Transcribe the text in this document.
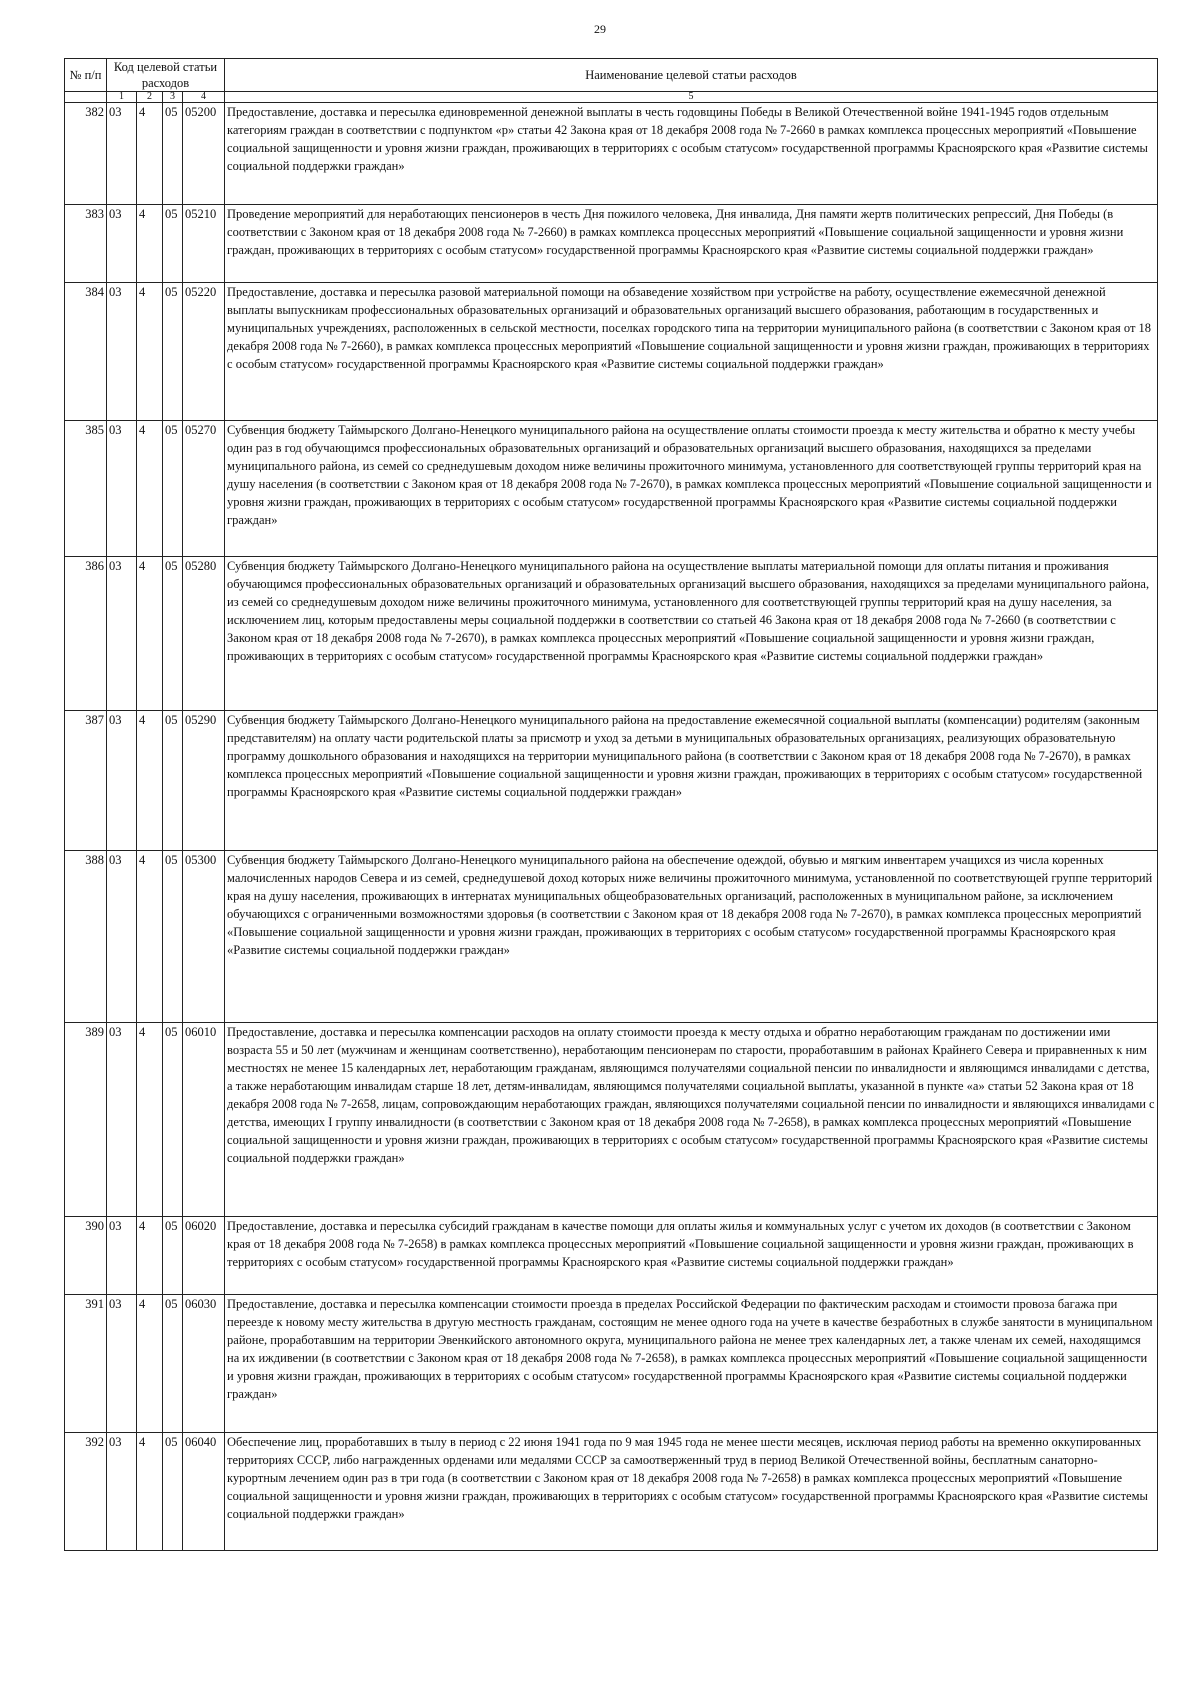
29
№ п/п	Код целевой статьи расходов				Наименование целевой статьи расходов

	1	2	3	4	5
382	03	4	05	05200	Предоставление, доставка и пересылка единовременной денежной выплаты в честь годовщины Победы в Великой Отечественной войне 1941-1945 годов отдельным категориям граждан в соответствии с подпунктом «р» статьи 42 Закона края от 18 декабря 2008 года № 7-2660 в рамках комплекса процессных мероприятий «Повышение социальной защищенности и уровня жизни граждан, проживающих в территориях с особым статусом» государственной программы Красноярского края «Развитие системы социальной поддержки граждан»
383	03	4	05	05210	Проведение мероприятий для неработающих пенсионеров в честь Дня пожилого человека, Дня инвалида, Дня памяти жертв политических репрессий, Дня Победы (в соответствии с Законом края от 18 декабря 2008 года № 7-2660) в рамках комплекса процессных мероприятий «Повышение социальной защищенности и уровня жизни граждан, проживающих в территориях с особым статусом» государственной программы Красноярского края «Развитие системы социальной поддержки граждан»
384	03	4	05	05220	Предоставление, доставка и пересылка разовой материальной помощи на обзаведение хозяйством при устройстве на работу, осуществление ежемесячной денежной выплаты выпускникам профессиональных образовательных организаций и образовательных организаций высшего образования, работающим в государственных и муниципальных учреждениях, расположенных в сельской местности, поселках городского типа на территории муниципального района (в соответствии с Законом края от 18 декабря 2008 года № 7-2660), в рамках комплекса процессных мероприятий «Повышение социальной защищенности и уровня жизни граждан, проживающих в территориях с особым статусом» государственной программы Красноярского края «Развитие системы социальной поддержки граждан»
385	03	4	05	05270	Субвенция бюджету Таймырского Долгано-Ненецкого муниципального района на осуществление оплаты стоимости проезда к месту жительства и обратно к месту учебы один раз в год обучающимся профессиональных образовательных организаций и образовательных организаций высшего образования, находящихся за пределами муниципального района, из семей со среднедушевым доходом ниже величины прожиточного минимума, установленного для соответствующей группы территорий края на душу населения (в соответствии с Законом края от 18 декабря 2008 года № 7-2670), в рамках комплекса процессных мероприятий «Повышение социальной защищенности и уровня жизни граждан, проживающих в территориях с особым статусом» государственной программы Красноярского края «Развитие системы социальной поддержки граждан»
386	03	4	05	05280	Субвенция бюджету Таймырского Долгано-Ненецкого муниципального района на осуществление выплаты материальной помощи для оплаты питания и проживания обучающимся профессиональных образовательных организаций и образовательных организаций высшего образования, находящихся за пределами муниципального района, из семей со среднедушевым доходом ниже величины прожиточного минимума, установленного для соответствующей группы территорий края на душу населения, за исключением лиц, которым предоставлены меры социальной поддержки в соответствии со статьей 46 Закона края от 18 декабря 2008 года № 7-2660 (в соответствии с Законом края от 18 декабря 2008 года № 7-2670), в рамках комплекса процессных мероприятий «Повышение социальной защищенности и уровня жизни граждан, проживающих в территориях с особым статусом» государственной программы Красноярского края «Развитие системы социальной поддержки граждан»
387	03	4	05	05290	Субвенция бюджету Таймырского Долгано-Ненецкого муниципального района на предоставление ежемесячной социальной выплаты (компенсации) родителям (законным представителям) на оплату части родительской платы за присмотр и уход за детьми в муниципальных образовательных организациях, реализующих образовательную программу дошкольного образования и находящихся на территории муниципального района (в соответствии с Законом края от 18 декабря 2008 года № 7-2670), в рамках комплекса процессных мероприятий «Повышение социальной защищенности и уровня жизни граждан, проживающих в территориях с особым статусом» государственной программы Красноярского края «Развитие системы социальной поддержки граждан»
388	03	4	05	05300	Субвенция бюджету Таймырского Долгано-Ненецкого муниципального района на обеспечение одеждой, обувью и мягким инвентарем учащихся из числа коренных малочисленных народов Севера и из семей, среднедушевой доход которых ниже величины прожиточного минимума, установленной по соответствующей группе территорий края на душу населения, проживающих в интернатах муниципальных общеобразовательных организаций, расположенных в муниципальном районе, за исключением обучающихся с ограниченными возможностями здоровья (в соответствии с Законом края от 18 декабря 2008 года № 7-2670), в рамках комплекса процессных мероприятий «Повышение социальной защищенности и уровня жизни граждан, проживающих в территориях с особым статусом» государственной программы Красноярского края «Развитие системы социальной поддержки граждан»
389	03	4	05	06010	Предоставление, доставка и пересылка компенсации расходов на оплату стоимости проезда к месту отдыха и обратно неработающим гражданам по достижении ими возраста 55 и 50 лет (мужчинам и женщинам соответственно), неработающим пенсионерам по старости, проработавшим в районах Крайнего Севера и приравненных к ним местностях не менее 15 календарных лет, неработающим гражданам, являющимся получателями социальной пенсии по инвалидности и являющимся инвалидами с детства, а также неработающим инвалидам старше 18 лет, детям-инвалидам, являющимся получателями социальной выплаты, указанной в пункте «а» статьи 52 Закона края от 18 декабря 2008 года № 7-2658, лицам, сопровождающим неработающих граждан, являющихся получателями социальной пенсии по инвалидности и являющихся инвалидами с детства, имеющих I группу инвалидности (в соответствии с Законом края от 18 декабря 2008 года № 7-2658), в рамках комплекса процессных мероприятий «Повышение социальной защищенности и уровня жизни граждан, проживающих в территориях с особым статусом» государственной программы Красноярского края «Развитие системы социальной поддержки граждан»
390	03	4	05	06020	Предоставление, доставка и пересылка субсидий гражданам в качестве помощи для оплаты жилья и коммунальных услуг с учетом их доходов (в соответствии с Законом края от 18 декабря 2008 года № 7-2658) в рамках комплекса процессных мероприятий «Повышение социальной защищенности и уровня жизни граждан, проживающих в территориях с особым статусом» государственной программы Красноярского края «Развитие системы социальной поддержки граждан»
391	03	4	05	06030	Предоставление, доставка и пересылка компенсации стоимости проезда в пределах Российской Федерации по фактическим расходам и стоимости провоза багажа при переезде к новому месту жительства в другую местность гражданам, состоящим не менее одного года на учете в качестве безработных в службе занятости в муниципальном районе, проработавшим на территории Эвенкийского автономного округа, муниципального района не менее трех календарных лет, а также членам их семей, находящимся на их иждивении (в соответствии с Законом края от 18 декабря 2008 года № 7-2658), в рамках комплекса процессных мероприятий «Повышение социальной защищенности и уровня жизни граждан, проживающих в территориях с особым статусом» государственной программы Красноярского края «Развитие системы социальной поддержки граждан»
392	03	4	05	06040	Обеспечение лиц, проработавших в тылу в период с 22 июня 1941 года по 9 мая 1945 года не менее шести месяцев, исключая период работы на временно оккупированных территориях СССР, либо награжденных орденами или медалями СССР за самоотверженный труд в период Великой Отечественной войны, бесплатным санаторно-курортным лечением один раз в три года (в соответствии с Законом края от 18 декабря 2008 года № 7-2658) в рамках комплекса процессных мероприятий «Повышение социальной защищенности и уровня жизни граждан, проживающих в территориях с особым статусом» государственной программы Красноярского края «Развитие системы социальной поддержки граждан»
